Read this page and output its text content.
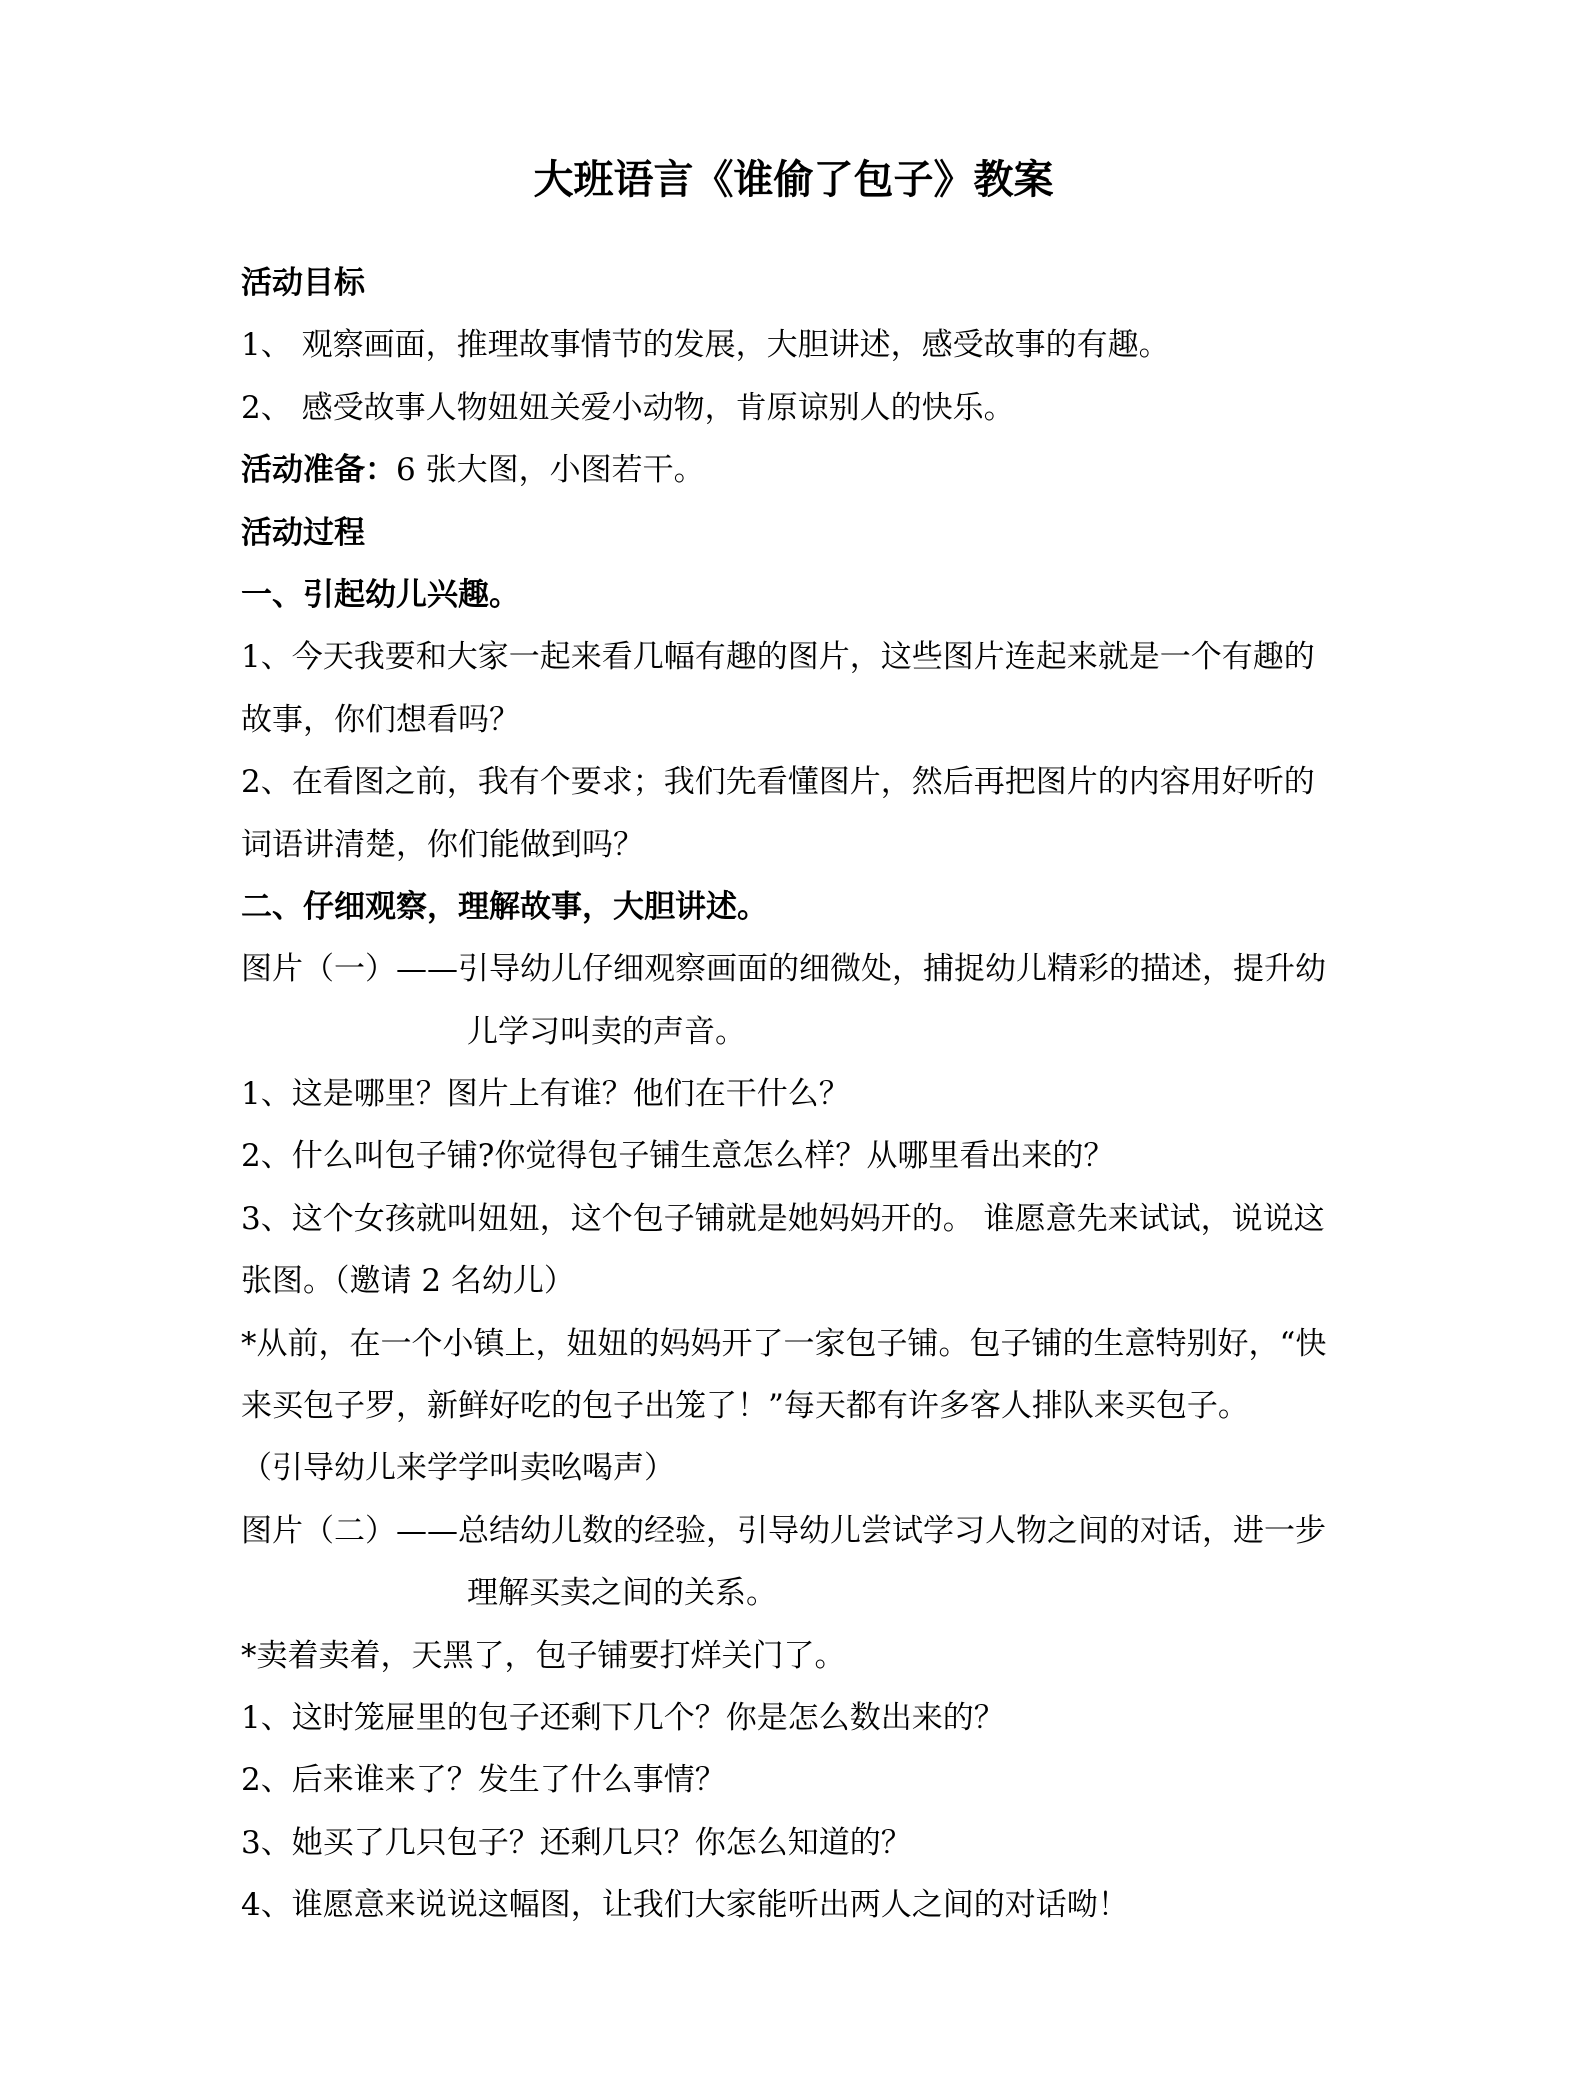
大班语言《谁偷了包子》教案
活动目标
1、 观察画面，推理故事情节的发展，大胆讲述，感受故事的有趣。
2、 感受故事人物妞妞关爱小动物，肯原谅别人的快乐。
活动准备：6 张大图，小图若干。
活动过程
一、引起幼儿兴趣。
1、今天我要和大家一起来看几幅有趣的图片，这些图片连起来就是一个有趣的
故事，你们想看吗？
2、在看图之前，我有个要求；我们先看懂图片，然后再把图片的内容用好听的
词语讲清楚，你们能做到吗？
二、仔细观察，理解故事，大胆讲述。
图片（一）——引导幼儿仔细观察画面的细微处，捕捉幼儿精彩的描述，提升幼
儿学习叫卖的声音。
1、这是哪里？图片上有谁？他们在干什么？
2、什么叫包子铺?你觉得包子铺生意怎么样？从哪里看出来的？
3、这个女孩就叫妞妞，这个包子铺就是她妈妈开的。 谁愿意先来试试，说说这
张图。（邀请 2 名幼儿）
*从前，在一个小镇上，妞妞的妈妈开了一家包子铺。包子铺的生意特别好，“快
来买包子罗，新鲜好吃的包子出笼了！”每天都有许多客人排队来买包子。
（引导幼儿来学学叫卖吆喝声）
图片（二）——总结幼儿数的经验，引导幼儿尝试学习人物之间的对话，进一步
理解买卖之间的关系。
*卖着卖着，天黑了，包子铺要打烊关门了。
1、这时笼屉里的包子还剩下几个？你是怎么数出来的？
2、后来谁来了？发生了什么事情？
3、她买了几只包子？还剩几只？你怎么知道的？
4、谁愿意来说说这幅图，让我们大家能听出两人之间的对话呦！
